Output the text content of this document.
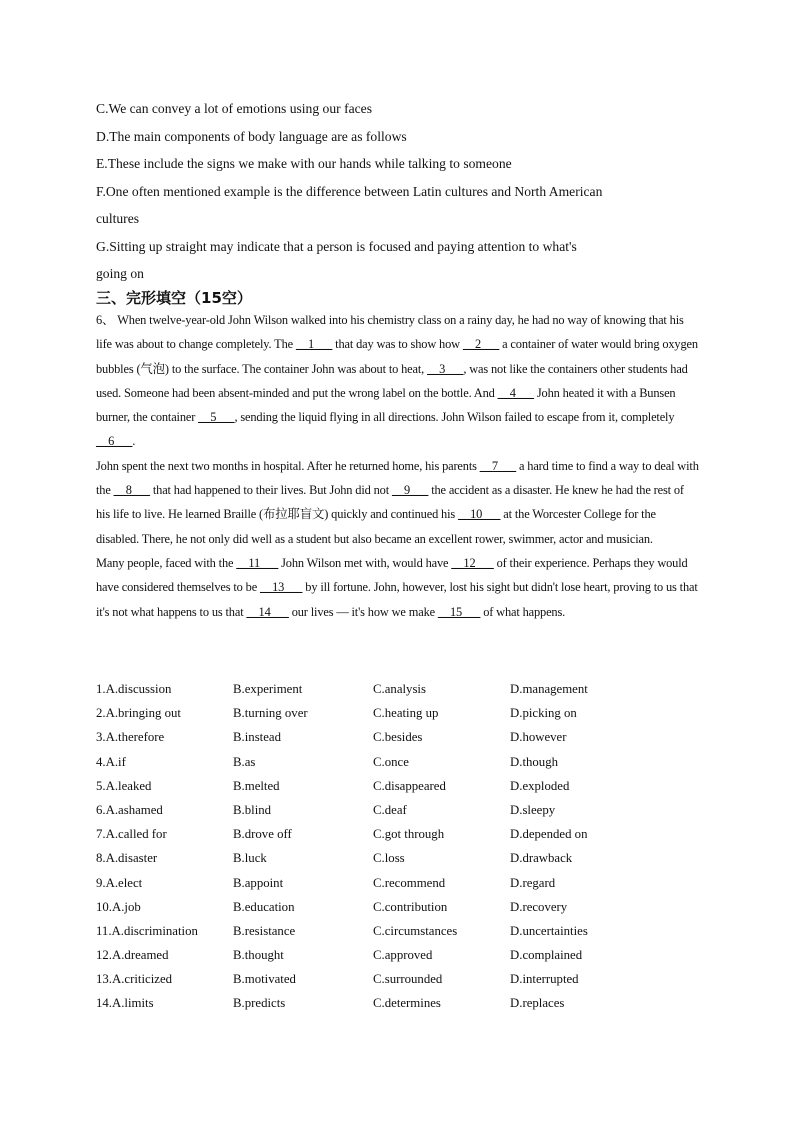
C.We can convey a lot of emotions using our faces
D.The main components of body language are as follows
E.These include the signs we make with our hands while talking to someone
F.One often mentioned example is the difference between Latin cultures and North American
cultures
G.Sitting up straight may indicate that a person is focused and paying attention to what's
going on
三、完形填空（15空）

6、 When twelve-year-old John Wilson walked into his chemistry class on a rainy day, he had no way of knowing that his life was about to change completely. The __1___ that day was to show how __2___ a container of water would bring oxygen bubbles (气泡) to the surface. The container John was about to heat, __3___, was not like the containers other students had used. Someone had been absent-minded and put the wrong label on the bottle. And __4___ John heated it with a Bunsen burner, the container __5___, sending the liquid flying in all directions. John Wilson failed to escape from it, completely __6___.

John spent the next two months in hospital. After he returned home, his parents __7___ a hard time to find a way to deal with the __8___ that had happened to their lives. But John did not __9___ the accident as a disaster. He knew he had the rest of his life to live. He learned Braille (布拉耶盲文) quickly and continued his __10___ at the Worcester College for the disabled. There, he not only did well as a student but also became an excellent rower, swimmer, actor and musician.

Many people, faced with the __11___ John Wilson met with, would have __12___ of their experience. Perhaps they would have considered themselves to be __13___ by ill fortune. John, however, lost his sight but didn't lose heart, proving to us that it's not what happens to us that __14___ our lives — it's how we make __15___ of what happens.

1.A.discussion	B.experiment	C.analysis	D.management
2.A.bringing out	B.turning over	C.heating up	D.picking on
3.A.therefore	B.instead	C.besides	D.however
4.A.if	B.as	C.once	D.though
5.A.leaked	B.melted	C.disappeared	D.exploded
6.A.ashamed	B.blind	C.deaf	D.sleepy
7.A.called for	B.drove off	C.got through	D.depended on
8.A.disaster	B.luck	C.loss	D.drawback
9.A.elect	B.appoint	C.recommend	D.regard
10.A.job	B.education	C.contribution	D.recovery
11.A.discrimination	B.resistance	C.circumstances	D.uncertainties
12.A.dreamed	B.thought	C.approved	D.complained
13.A.criticized	B.motivated	C.surrounded	D.interrupted
14.A.limits	B.predicts	C.determines	D.replaces
